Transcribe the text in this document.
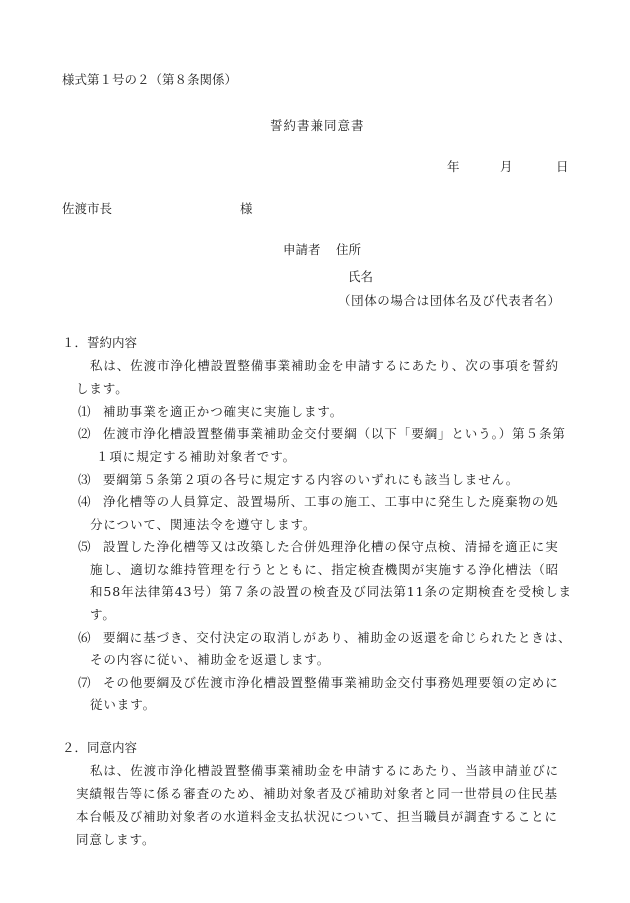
様式第１号の２（第８条関係）
誓約書兼同意書
年	月	日
佐渡市長	様
申請者 住所
氏名
（団体の場合は団体名及び代表者名）
１．誓約内容
私は、佐渡市浄化槽設置整備事業補助金を申請するにあたり、次の事項を誓約
します。
⑴ 補助事業を適正かつ確実に実施します。
⑵ 佐渡市浄化槽設置整備事業補助金交付要綱（以下「要綱」という。）第５条第
１項に規定する補助対象者です。
⑶ 要綱第５条第２項の各号に規定する内容のいずれにも該当しません。
⑷ 浄化槽等の人員算定、設置場所、工事の施工、工事中に発生した廃棄物の処
分について、関連法令を遵守します。
⑸ 設置した浄化槽等又は改築した合併処理浄化槽の保守点検、清掃を適正に実
施し、適切な維持管理を行うとともに、指定検査機関が実施する浄化槽法（昭
和58年法律第43号）第７条の設置の検査及び同法第11条の定期検査を受検しま
す。
⑹ 要綱に基づき、交付決定の取消しがあり、補助金の返還を命じられたときは、
その内容に従い、補助金を返還します。
⑺ その他要綱及び佐渡市浄化槽設置整備事業補助金交付事務処理要領の定めに
従います。
２．同意内容
私は、佐渡市浄化槽設置整備事業補助金を申請するにあたり、当該申請並びに
実績報告等に係る審査のため、補助対象者及び補助対象者と同一世帯員の住民基
本台帳及び補助対象者の水道料金支払状況について、担当職員が調査することに
同意します。
